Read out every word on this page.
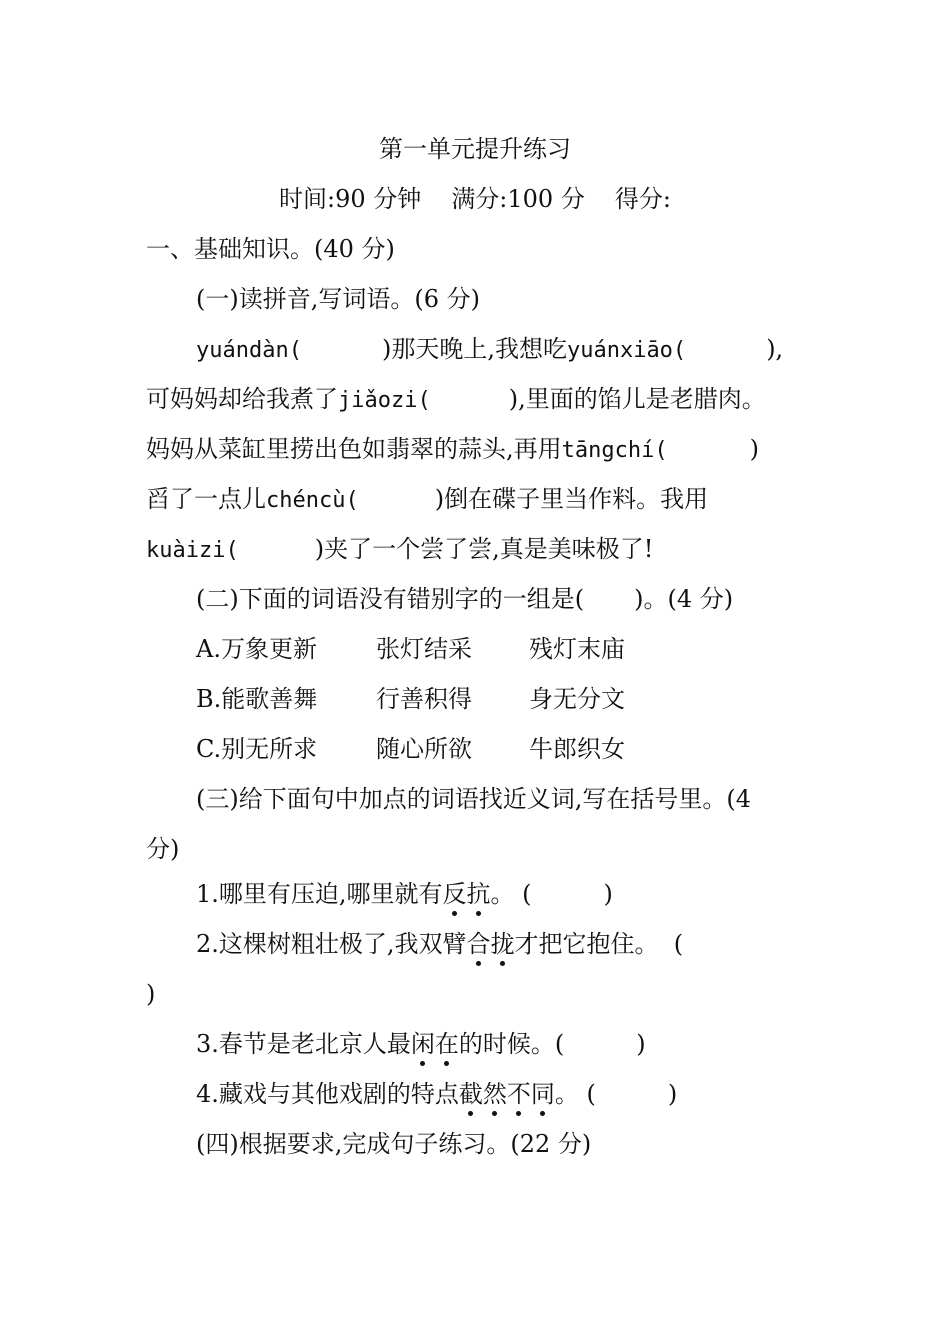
第一单元提升练习
时间:90 分钟 满分:100 分 得分:
一、基础知识。(40 分)
(一)读拼音,写词语。(6 分)
yuándàn(	)那天晚上,我想吃yuánxiāo(	),
可妈妈却给我煮了jiǎozi(	),里面的馅儿是老腊肉。
妈妈从菜缸里捞出色如翡翠的蒜头,再用tāngchí(	)
舀了一点儿chéncù(	)倒在碟子里当作料。我用
kuàizi(	)夹了一个尝了尝,真是美味极了!
(二)下面的词语没有错别字的一组是( )。(4 分)
A.万象更新 张灯结采 残灯末庙
B.能歌善舞 行善积得 身无分文
C.别无所求 随心所欲 牛郎织女
(三)给下面句中加点的词语找近义词,写在括号里。(4
分)
1.哪里有压迫,哪里就有反抗。 (	)
2.这棵树粗壮极了,我双臂合拢才把它抱住。  (
)
3.春节是老北京人最闲在的时候。(	)
4.藏戏与其他戏剧的特点截然不同。 (	)
(四)根据要求,完成句子练习。(22 分)
